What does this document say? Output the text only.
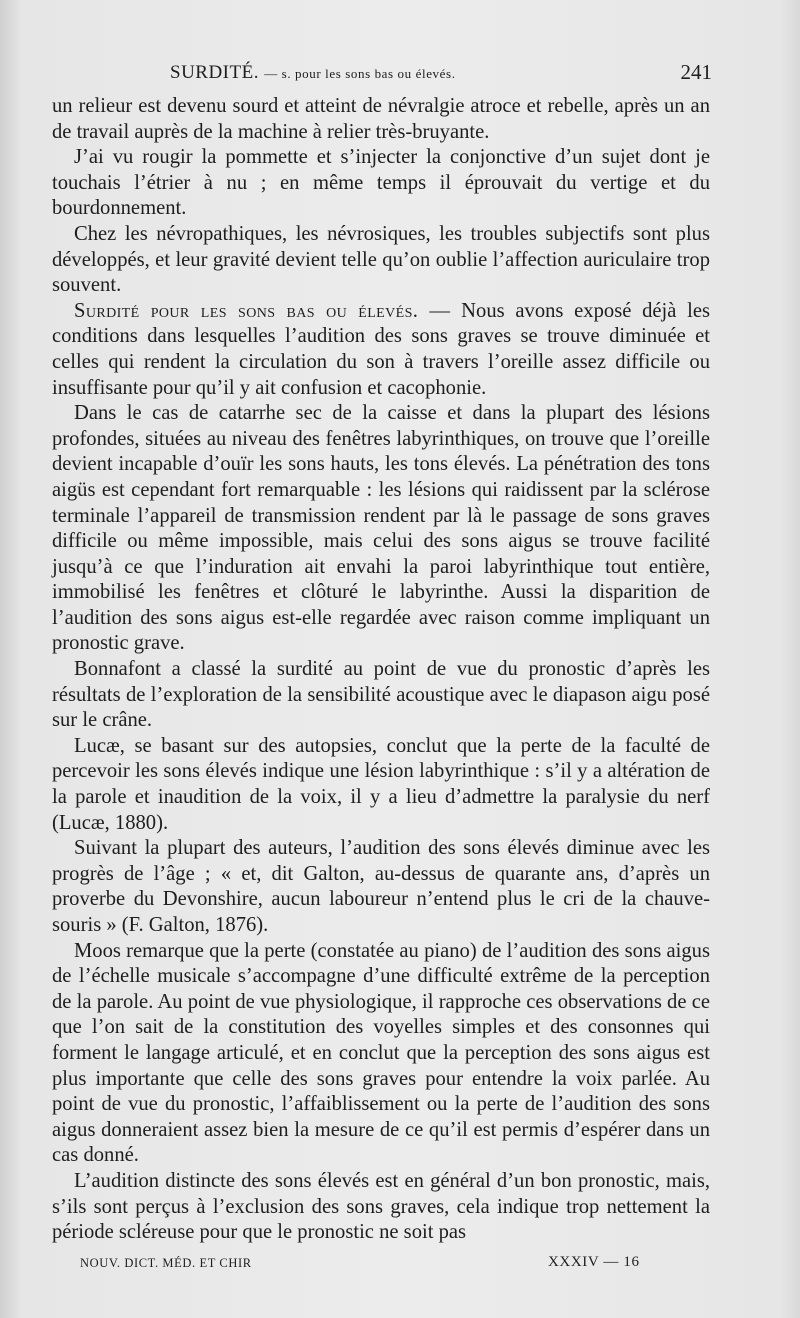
SURDITÉ. — s. pour les sons bas ou élevés.	241

un relieur est devenu sourd et atteint de névralgie atroce et rebelle, après un an de travail auprès de la machine à relier très-bruyante.

J’ai vu rougir la pommette et s’injecter la conjonctive d’un sujet dont je touchais l’étrier à nu ; en même temps il éprouvait du vertige et du bourdonnement.

Chez les névropathiques, les névrosiques, les troubles subjectifs sont plus développés, et leur gravité devient telle qu’on oublie l’affection auriculaire trop souvent.

Surdité pour les sons bas ou élevés. — Nous avons exposé déjà les conditions dans lesquelles l’audition des sons graves se trouve diminuée et celles qui rendent la circulation du son à travers l’oreille assez difficile ou insuffisante pour qu’il y ait confusion et cacophonie.

Dans le cas de catarrhe sec de la caisse et dans la plupart des lésions profondes, situées au niveau des fenêtres labyrinthiques, on trouve que l’oreille devient incapable d’ouïr les sons hauts, les tons élevés. La pénétration des tons aigüs est cependant fort remarquable : les lésions qui raidissent par la sclérose terminale l’appareil de transmission rendent par là le passage de sons graves difficile ou même impossible, mais celui des sons aigus se trouve facilité jusqu’à ce que l’induration ait envahi la paroi labyrinthique tout entière, immobilisé les fenêtres et clôturé le labyrinthe. Aussi la disparition de l’audition des sons aigus est-elle regardée avec raison comme impliquant un pronostic grave.

Bonnafont a classé la surdité au point de vue du pronostic d’après les résultats de l’exploration de la sensibilité acoustique avec le diapason aigu posé sur le crâne.

Lucæ, se basant sur des autopsies, conclut que la perte de la faculté de percevoir les sons élevés indique une lésion labyrinthique : s’il y a altération de la parole et inaudition de la voix, il y a lieu d’admettre la paralysie du nerf (Lucæ, 1880).

Suivant la plupart des auteurs, l’audition des sons élevés diminue avec les progrès de l’âge ; « et, dit Galton, au-dessus de quarante ans, d’après un proverbe du Devonshire, aucun laboureur n’entend plus le cri de la chauve-souris » (F. Galton, 1876).

Moos remarque que la perte (constatée au piano) de l’audition des sons aigus de l’échelle musicale s’accompagne d’une difficulté extrême de la perception de la parole. Au point de vue physiologique, il rapproche ces observations de ce que l’on sait de la constitution des voyelles simples et des consonnes qui forment le langage articulé, et en conclut que la perception des sons aigus est plus importante que celle des sons graves pour entendre la voix parlée. Au point de vue du pronostic, l’affaiblissement ou la perte de l’audition des sons aigus donneraient assez bien la mesure de ce qu’il est permis d’espérer dans un cas donné.

L’audition distincte des sons élevés est en général d’un bon pronostic, mais, s’ils sont perçus à l’exclusion des sons graves, cela indique trop nettement la période scléreuse pour que le pronostic ne soit pas

NOUV. DICT. MÉD. ET CHIR	XXXIV — 16
